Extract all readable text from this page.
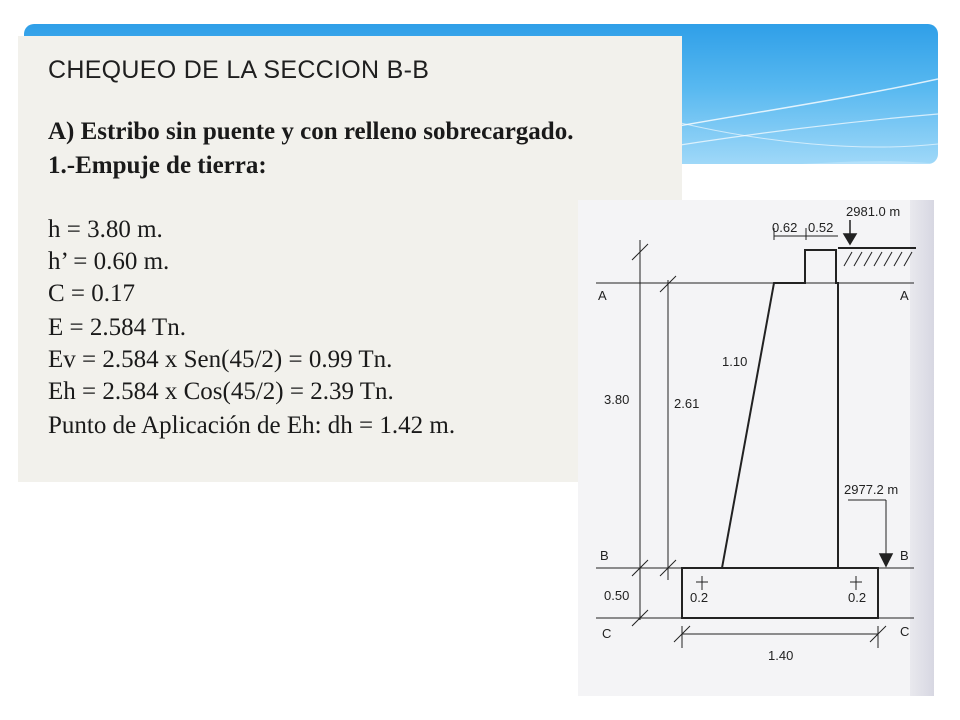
CHEQUEO DE LA SECCION B-B
A) Estribo sin puente y con relleno sobrecargado.
1.-Empuje de tierra:
h = 3.80 m.
h’ = 0.60 m.
C = 0.17
E = 2.584 Tn.
Ev = 2.584 x Sen(45/2) = 0.99 Tn.
Eh = 2.584 x Cos(45/2) = 2.39 Tn.
Punto de Aplicación de Eh: dh = 1.42 m.
2981.0 m
0.62 0.52
A	A
1.10
3.80	2.61
2977.2 m
B	B
0.50	0.2	0.2
C	C
1.40
